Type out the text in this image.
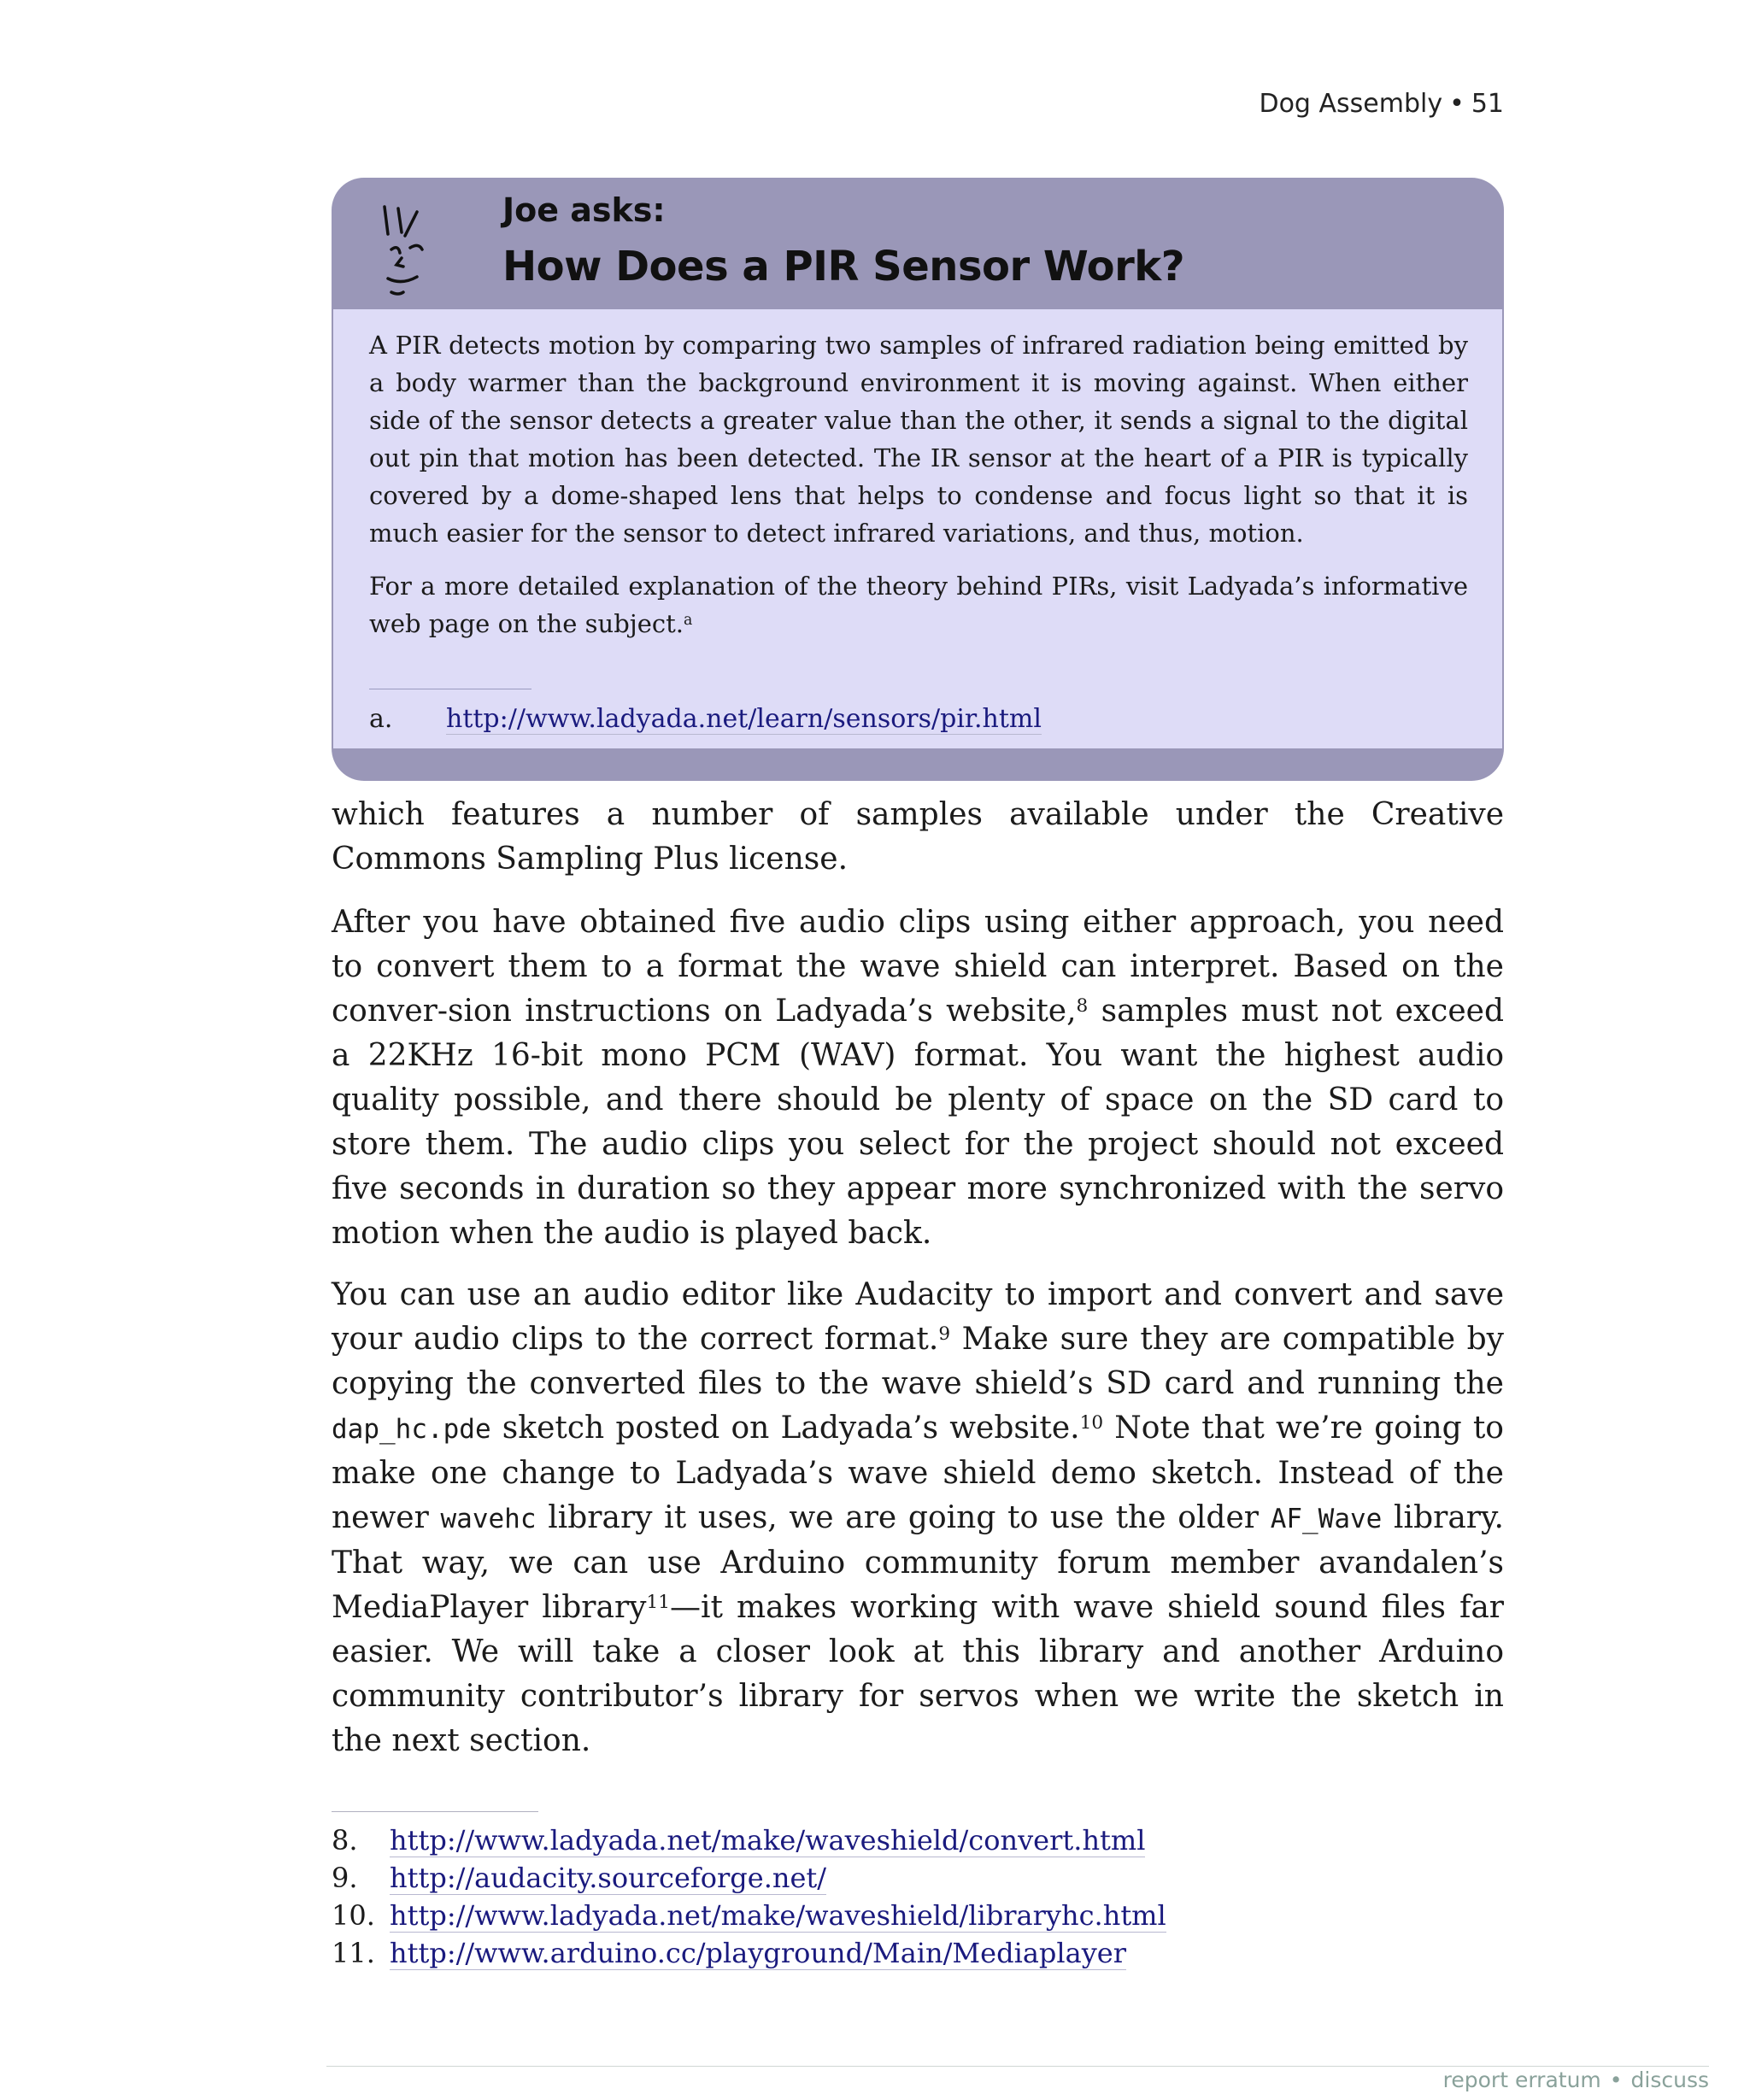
Dog Assembly • 51
Joe asks:
How Does a PIR Sensor Work?

A PIR detects motion by comparing two samples of infrared radiation being emitted by a body warmer than the background environment it is moving against. When either side of the sensor detects a greater value than the other, it sends a signal to the digital out pin that motion has been detected. The IR sensor at the heart of a PIR is typically covered by a dome-shaped lens that helps to condense and focus light so that it is much easier for the sensor to detect infrared variations, and thus, motion.

For a more detailed explanation of the theory behind PIRs, visit Ladyada’s informative web page on the subject.$^a$

a. http://www.ladyada.net/learn/sensors/pir.html

which features a number of samples available under the Creative Commons Sampling Plus license.

After you have obtained five audio clips using either approach, you need to convert them to a format the wave shield can interpret. Based on the conver-sion instructions on Ladyada’s website,$^8$ samples must not exceed a 22KHz 16-bit mono PCM (WAV) format. You want the highest audio quality possible, and there should be plenty of space on the SD card to store them. The audio clips you select for the project should not exceed five seconds in duration so they appear more synchronized with the servo motion when the audio is played back.

You can use an audio editor like Audacity to import and convert and save your audio clips to the correct format.$^9$ Make sure they are compatible by copying the converted files to the wave shield’s SD card and running the dap_hc.pde sketch posted on Ladyada’s website.$^{10}$ Note that we’re going to make one change to Ladyada’s wave shield demo sketch. Instead of the newer wavehc library it uses, we are going to use the older AF_Wave library. That way, we can use Arduino community forum member avandalen’s MediaPlayer library$^{11}$—it makes working with wave shield sound files far easier. We will take a closer look at this library and another Arduino community contributor’s library for servos when we write the sketch in the next section.

8. http://www.ladyada.net/make/waveshield/convert.html
9. http://audacity.sourceforge.net/
10. http://www.ladyada.net/make/waveshield/libraryhc.html
11. http://www.arduino.cc/playground/Main/Mediaplayer
report erratum • discuss
